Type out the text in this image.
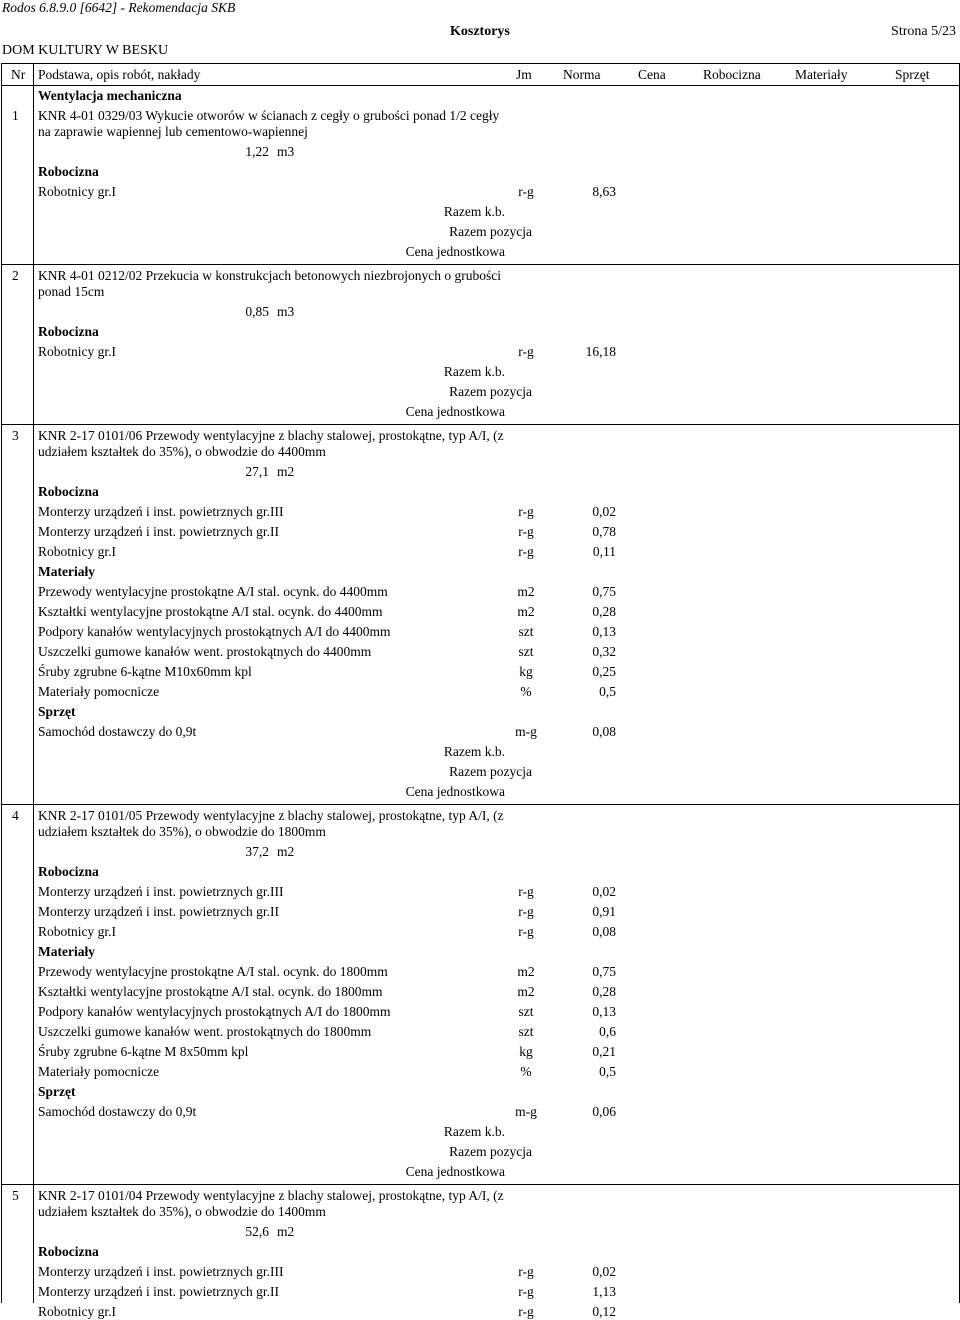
Rodos 6.8.9.0 [6642] - Rekomendacja SKB
Kosztorys	Strona 5/23
DOM KULTURY W BESKU
Nr Podstawa, opis robót, nakłady	Jm Norma	Cena	Robocizna	Materiały	Sprzęt
Wentylacja mechaniczna
1 KNR 4-01 0329/03 Wykucie otworów w ścianach z cegły o grubości ponad 1/2 cegły na zaprawie wapiennej lub cementowo-wapiennej
1,22 m3
Robocizna
Robotnicy gr.I	r-g	8,63
Razem k.b.
Razem pozycja
Cena jednostkowa
2 KNR 4-01 0212/02 Przekucia w konstrukcjach betonowych niezbrojonych o grubości ponad 15cm
0,85 m3
Robocizna
Robotnicy gr.I	r-g	16,18
Razem k.b.
Razem pozycja
Cena jednostkowa
3 KNR 2-17 0101/06 Przewody wentylacyjne z blachy stalowej, prostokątne, typ A/I, (z udziałem kształtek do 35%), o obwodzie do 4400mm
27,1 m2
Robocizna
Monterzy urządzeń i inst. powietrznych gr.III	r-g	0,02
Monterzy urządzeń i inst. powietrznych gr.II	r-g	0,78
Robotnicy gr.I	r-g	0,11
Materiały
Przewody wentylacyjne prostokątne A/I stal. ocynk. do 4400mm	m2	0,75
Kształtki wentylacyjne prostokątne A/I stal. ocynk. do 4400mm	m2	0,28
Podpory kanałów wentylacyjnych prostokątnych A/I do 4400mm	szt	0,13
Uszczelki gumowe kanałów went. prostokątnych do 4400mm	szt	0,32
Śruby zgrubne 6-kątne M10x60mm kpl	kg	0,25
Materiały pomocnicze	%	0,5
Sprzęt
Samochód dostawczy do 0,9t	m-g	0,08
Razem k.b.
Razem pozycja
Cena jednostkowa
4 KNR 2-17 0101/05 Przewody wentylacyjne z blachy stalowej, prostokątne, typ A/I, (z udziałem kształtek do 35%), o obwodzie do 1800mm
37,2 m2
Robocizna
Monterzy urządzeń i inst. powietrznych gr.III	r-g	0,02
Monterzy urządzeń i inst. powietrznych gr.II	r-g	0,91
Robotnicy gr.I	r-g	0,08
Materiały
Przewody wentylacyjne prostokątne A/I stal. ocynk. do 1800mm	m2	0,75
Kształtki wentylacyjne prostokątne A/I stal. ocynk. do 1800mm	m2	0,28
Podpory kanałów wentylacyjnych prostokątnych A/I do 1800mm	szt	0,13
Uszczelki gumowe kanałów went. prostokątnych do 1800mm	szt	0,6
Śruby zgrubne 6-kątne M 8x50mm kpl	kg	0,21
Materiały pomocnicze	%	0,5
Sprzęt
Samochód dostawczy do 0,9t	m-g	0,06
Razem k.b.
Razem pozycja
Cena jednostkowa
5 KNR 2-17 0101/04 Przewody wentylacyjne z blachy stalowej, prostokątne, typ A/I, (z udziałem kształtek do 35%), o obwodzie do 1400mm
52,6 m2
Robocizna
Monterzy urządzeń i inst. powietrznych gr.III	r-g	0,02
Monterzy urządzeń i inst. powietrznych gr.II	r-g	1,13
Robotnicy gr.I	r-g	0,12
